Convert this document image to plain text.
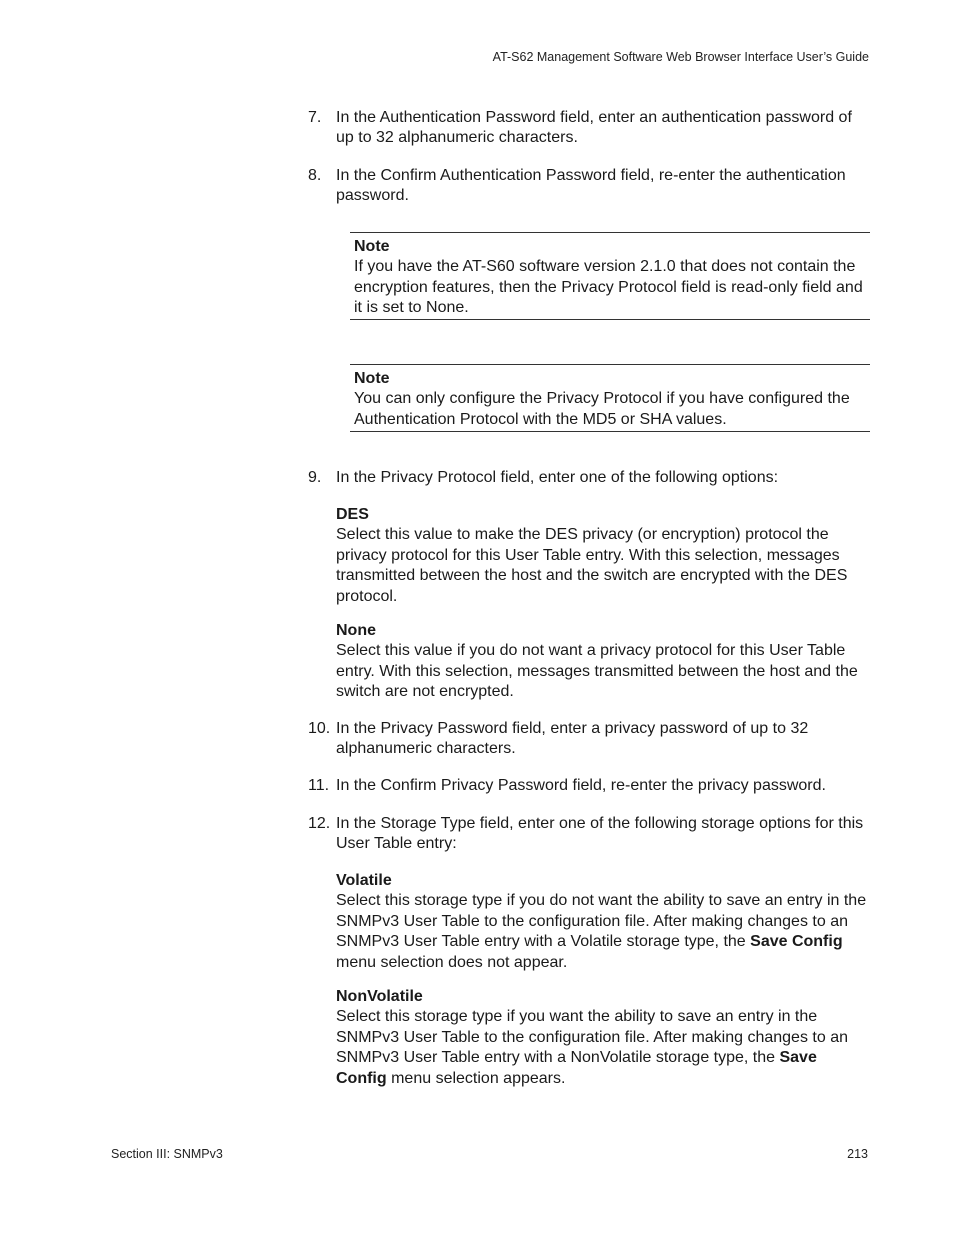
AT-S62 Management Software Web Browser Interface User’s Guide
7. In the Authentication Password field, enter an authentication password of up to 32 alphanumeric characters.
8. In the Confirm Authentication Password field, re-enter the authentication password.
Note
If you have the AT-S60 software version 2.1.0 that does not contain the encryption features, then the Privacy Protocol field is read-only field and it is set to None.
Note
You can only configure the Privacy Protocol if you have configured the Authentication Protocol with the MD5 or SHA values.
9. In the Privacy Protocol field, enter one of the following options:
DES
Select this value to make the DES privacy (or encryption) protocol the privacy protocol for this User Table entry. With this selection, messages transmitted between the host and the switch are encrypted with the DES protocol.
None
Select this value if you do not want a privacy protocol for this User Table entry. With this selection, messages transmitted between the host and the switch are not encrypted.
10. In the Privacy Password field, enter a privacy password of up to 32 alphanumeric characters.
11. In the Confirm Privacy Password field, re-enter the privacy password.
12. In the Storage Type field, enter one of the following storage options for this User Table entry:
Volatile
Select this storage type if you do not want the ability to save an entry in the SNMPv3 User Table to the configuration file. After making changes to an SNMPv3 User Table entry with a Volatile storage type, the Save Config menu selection does not appear.
NonVolatile
Select this storage type if you want the ability to save an entry in the SNMPv3 User Table to the configuration file. After making changes to an SNMPv3 User Table entry with a NonVolatile storage type, the Save Config menu selection appears.
Section III: SNMPv3	213
